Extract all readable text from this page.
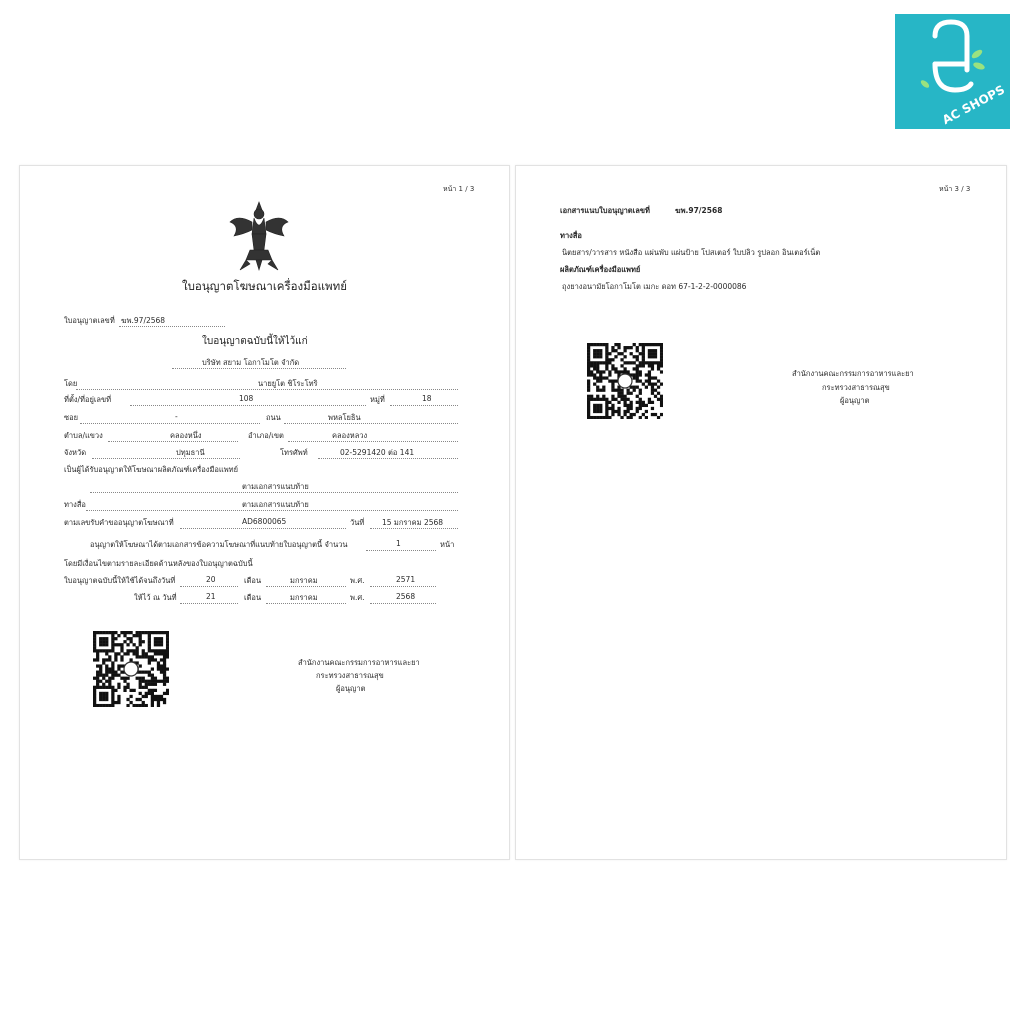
AC SHOPS
หน้า 1 / 3
ใบอนุญาตโฆษณาเครื่องมือแพทย์
ใบอนุญาตเลขที่ ฆพ.97/2568
ใบอนุญาตฉบับนี้ให้ไว้แก่
บริษัท สยาม โอกาโมโต จำกัด
โดย	นายยูโต ชิโระโทริ
ที่ตั้ง/ที่อยู่เลขที่	108	หมู่ที่	18
ซอย	-	ถนน	พหลโยธิน
ตำบล/แขวง	คลองหนึ่ง	อำเภอ/เขต	คลองหลวง
จังหวัด	ปทุมธานี	โทรศัพท์	02-5291420 ต่อ 141
เป็นผู้ได้รับอนุญาตให้โฆษณาผลิตภัณฑ์เครื่องมือแพทย์
ตามเอกสารแนบท้าย
ทางสื่อ	ตามเอกสารแนบท้าย
ตามเลขรับคำขออนุญาตโฆษณาที่	AD6800065	วันที่ 15 มกราคม 2568
อนุญาตให้โฆษณาได้ตามเอกสารข้อความโฆษณาที่แนบท้ายใบอนุญาตนี้ จำนวน	1	หน้า
โดยมีเงื่อนไขตามรายละเอียดด้านหลังของใบอนุญาตฉบับนี้
ใบอนุญาตฉบับนี้ให้ใช้ได้จนถึงวันที่	20	เดือน	มกราคม	พ.ศ.	2571
ให้ไว้ ณ วันที่	21	เดือน	มกราคม	พ.ศ.	2568
สำนักงานคณะกรรมการอาหารและยา
กระทรวงสาธารณสุข
ผู้อนุญาต
หน้า 3 / 3
เอกสารแนบใบอนุญาตเลขที่	ฆพ.97/2568
ทางสื่อ
นิตยสาร/วารสาร หนังสือ แผ่นพับ แผ่นป้าย โปสเตอร์ ใบปลิว รูปลอก อินเตอร์เน็ต
ผลิตภัณฑ์เครื่องมือแพทย์
ถุงยางอนามัยโอกาโมโต เมกะ ดอท 67-1-2-2-0000086
สำนักงานคณะกรรมการอาหารและยา
กระทรวงสาธารณสุข
ผู้อนุญาต
